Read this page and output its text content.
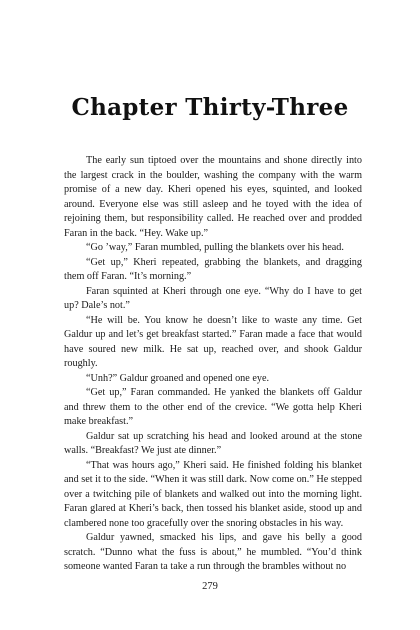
Chapter Thirty-Three

The early sun tiptoed over the mountains and shone directly into the largest crack in the boulder, washing the company with the warm promise of a new day. Kheri opened his eyes, squinted, and looked around. Everyone else was still asleep and he toyed with the idea of rejoining them, but responsibility called. He reached over and prodded Faran in the back. “Hey. Wake up.”

“Go ’way,” Faran mumbled, pulling the blankets over his head.

“Get up,” Kheri repeated, grabbing the blankets, and dragging them off Faran. “It’s morning.”

Faran squinted at Kheri through one eye. “Why do I have to get up? Dale’s not.”

“He will be. You know he doesn’t like to waste any time. Get Galdur up and let’s get breakfast started.” Faran made a face that would have soured new milk. He sat up, reached over, and shook Galdur roughly.

“Unh?” Galdur groaned and opened one eye.

“Get up,” Faran commanded. He yanked the blankets off Galdur and threw them to the other end of the crevice. “We gotta help Kheri make breakfast.”

Galdur sat up scratching his head and looked around at the stone walls. “Breakfast? We just ate dinner.”

“That was hours ago,” Kheri said. He finished folding his blanket and set it to the side. “When it was still dark. Now come on.” He stepped over a twitching pile of blankets and walked out into the morning light. Faran glared at Kheri’s back, then tossed his blanket aside, stood up and clambered none too gracefully over the snoring obstacles in his way.

Galdur yawned, smacked his lips, and gave his belly a good scratch. “Dunno what the fuss is about,” he mumbled. “You’d think someone wanted Faran ta take a run through the brambles without no

279
